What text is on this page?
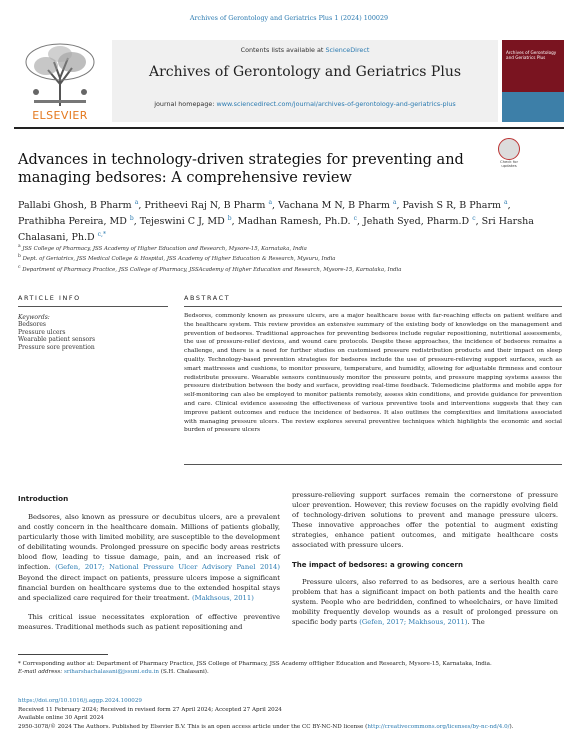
Archives of Gerontology and Geriatrics Plus 1 (2024) 100029
ELSEVIER
Contents lists available at ScienceDirect
Archives of Gerontology and Geriatrics Plus
journal homepage: www.sciencedirect.com/journal/archives-of-gerontology-and-geriatrics-plus
Archives of Gerontology and Geriatrics Plus
Advances in technology-driven strategies for preventing and managing bedsores: A comprehensive review
Check for updates
Pallabi Ghosh, B Pharm $^a$, Pritheevi Raj N, B Pharm $^a$, Vachana M N, B Pharm $^a$, Pavish S R, B Pharm $^a$, Prathibha Pereira, MD $^b$, Tejeswini C J, MD $^b$, Madhan Ramesh, Ph.D. $^c$, Jehath Syed, Pharm.D $^c$, Sri Harsha Chalasani, Ph.D $^{c,*}$
$^a$ JSS College of Pharmacy, JSS Academy of Higher Education and Research, Mysore-15, Karnataka, India
$^b$ Dept. of Geriatrics, JSS Medical College & Hospital, JSS Academy of Higher Education & Research, Mysuru, India
$^c$ Department of Pharmacy Practice, JSS College of Pharmacy, JSSAcademy of Higher Education and Research, Mysore-15, Karnataka, India
ARTICLE INFO	ABSTRACT
Keywords:
Bedsores
Pressure ulcers
Wearable patient sensors
Pressure sore prevention
Bedsores, commonly known as pressure ulcers, are a major healthcare issue with far-reaching effects on patient welfare and the healthcare system. This review provides an extensive summary of the existing body of knowledge on the management and prevention of bedsores. Traditional approaches for preventing bedsores include regular repositioning, nutritional assessments, the use of pressure-relief devices, and wound care protocols. Despite these approaches, the incidence of bedsores remains a challenge, and there is a need for further studies on customised pressure redistribution products and their impact on sleep quality. Technology-based prevention strategies for bedsores include the use of pressure-relieving support surfaces, such as smart mattresses and cushions, to monitor pressure, temperature, and humidity, allowing for adjustable firmness and contour redistribute pressure. Wearable sensors continuously monitor the pressure points, and pressure mapping systems assess the pressure distribution between the body and surface, providing real-time feedback. Telemedicine platforms and mobile apps for self-monitoring can also be employed to monitor patients remotely, assess skin conditions, and provide guidance for prevention and care. Clinical evidence assessing the effectiveness of various preventive tools and interventions suggests that they can improve patient outcomes and reduce the incidence of bedsores. It also outlines the complexities and limitations associated with managing pressure ulcers. The review explores several preventive techniques which highlights the economic and social burden of pressure ulcers
Introduction

Bedsores, also known as pressure or decubitus ulcers, are a prevalent and costly concern in the healthcare domain. Millions of patients globally, particularly those with limited mobility, are susceptible to the development of debilitating wounds. Prolonged pressure on specific body areas restricts blood flow, leading to tissue damage, pain, and an increased risk of infection. (Gefen, 2017; National Pressure Ulcer Advisory Panel 2014) Beyond the direct impact on patients, pressure ulcers impose a significant financial burden on healthcare systems due to the extended hospital stays and specialized care required for their treatment. (Makhsous, 2011)

This critical issue necessitates exploration of effective preventive measures. Traditional methods such as patient repositioning and

pressure-relieving support surfaces remain the cornerstone of pressure ulcer prevention. However, this review focuses on the rapidly evolving field of technology-driven solutions to prevent and manage pressure ulcers. These innovative approaches offer the potential to augment existing strategies, enhance patient outcomes, and mitigate healthcare costs associated with pressure ulcers.

The impact of bedsores: a growing concern

Pressure ulcers, also referred to as bedsores, are a serious health care problem that has a significant impact on both patients and the health care system. People who are bedridden, confined to wheelchairs, or have limited mobility frequently develop wounds as a result of prolonged pressure on specific body parts (Gefen, 2017; Makhsous, 2011). The

* Corresponding author at: Department of Pharmacy Practice, JSS College of Pharmacy, JSS Academy ofHigher Education and Research, Mysore-15, Karnataka, India.
E-mail address: sriharshachalasani@jssuni.edu.in (S.H. Chalasani).
https://doi.org/10.1016/j.aggp.2024.100029
Received 11 February 2024; Received in revised form 27 April 2024; Accepted 27 April 2024
Available online 30 April 2024
2950-3078/© 2024 The Authors. Published by Elsevier B.V. This is an open access article under the CC BY-NC-ND license (http://creativecommons.org/licenses/by-nc-nd/4.0/).
